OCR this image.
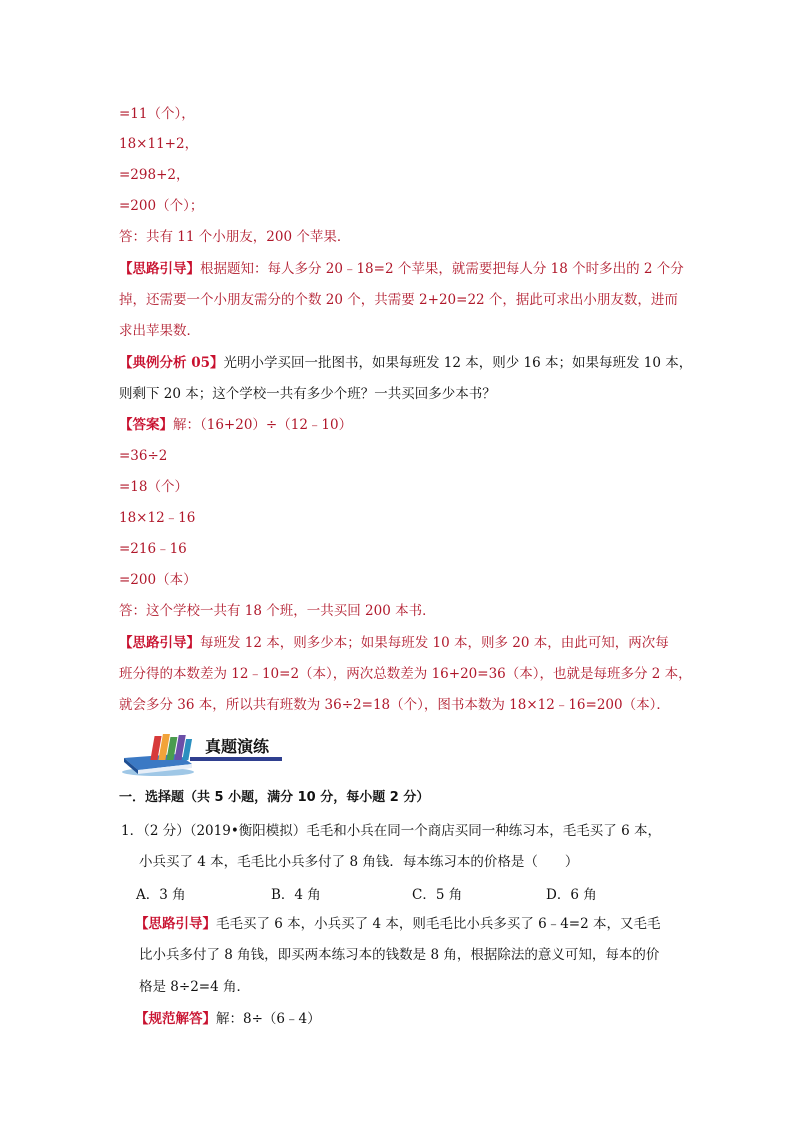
=11（个），
18×11+2，
=298+2，
=200（个）；
答：共有 11 个小朋友，200 个苹果．
【思路引导】根据题知：每人多分 20﹣18=2 个苹果，就需要把每人分 18 个时多出的 2 个分
掉，还需要一个小朋友需分的个数 20 个，共需要 2+20=22 个，据此可求出小朋友数，进而
求出苹果数．
【典例分析 05】光明小学买回一批图书，如果每班发 12 本，则少 16 本；如果每班发 10 本，
则剩下 20 本；这个学校一共有多少个班？一共买回多少本书？
【答案】解：（16+20）÷（12﹣10）
=36÷2
=18（个）
18×12﹣16
=216﹣16
=200（本）
答：这个学校一共有 18 个班，一共买回 200 本书．
【思路引导】每班发 12 本，则多少本；如果每班发 10 本，则多 20 本，由此可知，两次每
班分得的本数差为 12﹣10=2（本），两次总数差为 16+20=36（本），也就是每班多分 2 本，
就会多分 36 本，所以共有班数为 36÷2=18（个），图书本数为 18×12﹣16=200（本）．
真题演练
一．选择题（共 5 小题，满分 10 分，每小题 2 分）
1．（2 分）（2019•衡阳模拟）毛毛和小兵在同一个商店买同一种练习本，毛毛买了 6 本，
小兵买了 4 本，毛毛比小兵多付了 8 角钱．每本练习本的价格是（　　）
A．3 角	B．4 角	C．5 角	D．6 角
【思路引导】毛毛买了 6 本，小兵买了 4 本，则毛毛比小兵多买了 6﹣4=2 本，又毛毛
比小兵多付了 8 角钱，即买两本练习本的钱数是 8 角，根据除法的意义可知，每本的价
格是 8÷2=4 角．
【规范解答】解：8÷（6﹣4）
